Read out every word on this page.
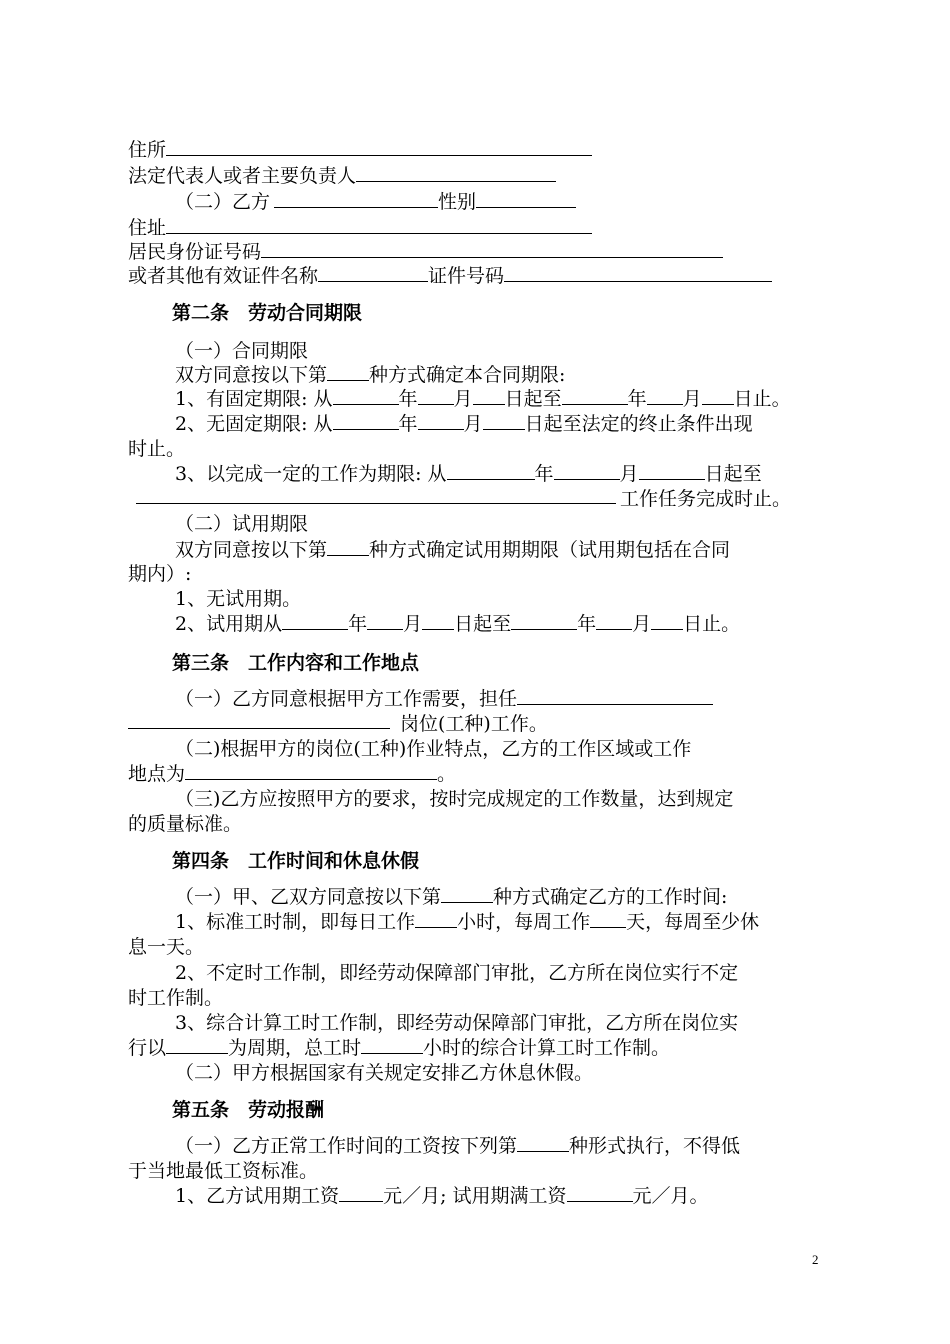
住所
法定代表人或者主要负责人
（二）乙方	性别
住址
居民身份证号码
或者其他有效证件名称	证件号码
第二条　劳动合同期限
（一）合同期限
双方同意按以下第 种方式确定本合同期限:
1、有固定期限: 从	年 月 日起至	年 月 日止。
2、无固定期限: 从	年 月 日起至法定的终止条件出现
时止。
3、以完成一定的工作为期限: 从	年	月	日起至
工作任务完成时止。
（二）试用期限
双方同意按以下第 种方式确定试用期期限（试用期包括在合同
期内）:
1、无试用期。
2、试用期从	年 月 日起至	年 月 日止。
第三条　工作内容和工作地点
（一）乙方同意根据甲方工作需要，担任
岗位(工种)工作。
（二)根据甲方的岗位(工种)作业特点，乙方的工作区域或工作
地点为	。
（三)乙方应按照甲方的要求，按时完成规定的工作数量，达到规定
的质量标准。
第四条　工作时间和休息休假
（一）甲、乙双方同意按以下第	种方式确定乙方的工作时间:
1、标准工时制，即每日工作 小时，每周工作 天，每周至少休
息一天。
2、不定时工作制，即经劳动保障部门审批，乙方所在岗位实行不定
时工作制。
3、综合计算工时工作制，即经劳动保障部门审批，乙方所在岗位实
行以	为周期，总工时	小时的综合计算工时工作制。
（二）甲方根据国家有关规定安排乙方休息休假。
第五条　劳动报酬
（一）乙方正常工作时间的工资按下列第	种形式执行，不得低
于当地最低工资标准。
1、乙方试用期工资 元／月; 试用期满工资	元／月。
2
